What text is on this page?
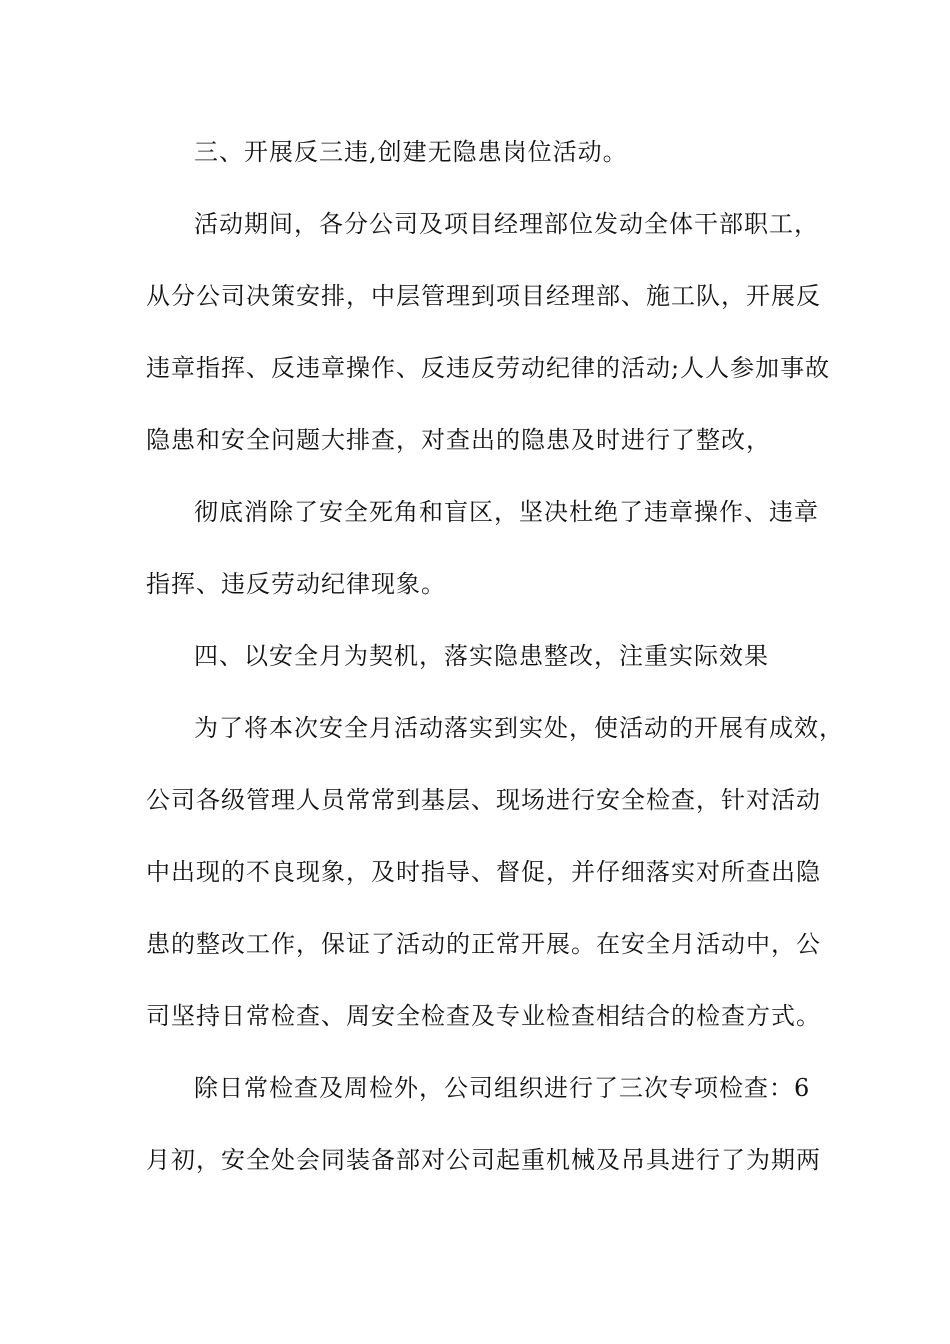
三、开展反三违,创建无隐患岗位活动。
活动期间，各分公司及项目经理部位发动全体干部职工，
从分公司决策安排，中层管理到项目经理部、施工队，开展反
违章指挥、反违章操作、反违反劳动纪律的活动;人人参加事故
隐患和安全问题大排查，对查出的隐患及时进行了整改，
彻底消除了安全死角和盲区，坚决杜绝了违章操作、违章
指挥、违反劳动纪律现象。
四、以安全月为契机，落实隐患整改，注重实际效果
为了将本次安全月活动落实到实处，使活动的开展有成效，
公司各级管理人员常常到基层、现场进行安全检查，针对活动
中出现的不良现象，及时指导、督促，并仔细落实对所查出隐
患的整改工作，保证了活动的正常开展。在安全月活动中，公
司坚持日常检查、周安全检查及专业检查相结合的检查方式。
除日常检查及周检外，公司组织进行了三次专项检查：6
月初，安全处会同装备部对公司起重机械及吊具进行了为期两
